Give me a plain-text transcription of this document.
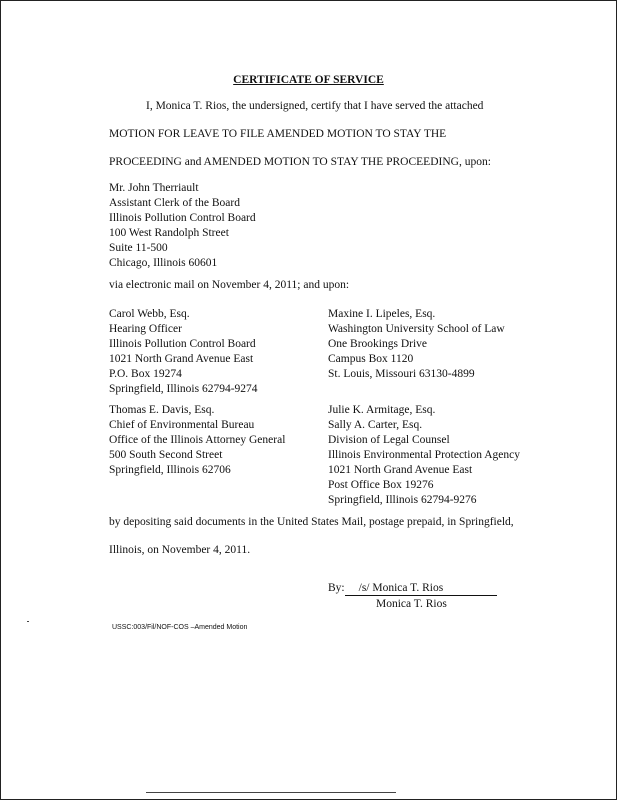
CERTIFICATE OF SERVICE
I, Monica T. Rios, the undersigned, certify that I have served the attached
MOTION FOR LEAVE TO FILE AMENDED MOTION TO STAY THE
PROCEEDING and AMENDED MOTION TO STAY THE PROCEEDING, upon:
Mr. John Therriault
Assistant Clerk of the Board
Illinois Pollution Control Board
100 West Randolph Street
Suite 11-500
Chicago, Illinois 60601
via electronic mail on November 4, 2011; and upon:
Carol Webb, Esq.
Hearing Officer
Illinois Pollution Control Board
1021 North Grand Avenue East
P.O. Box 19274
Springfield, Illinois 62794-9274
Maxine I. Lipeles, Esq.
Washington University School of Law
One Brookings Drive
Campus Box 1120
St. Louis, Missouri 63130-4899
Thomas E. Davis, Esq.
Chief of Environmental Bureau
Office of the Illinois Attorney General
500 South Second Street
Springfield, Illinois 62706
Julie K. Armitage, Esq.
Sally A. Carter, Esq.
Division of Legal Counsel
Illinois Environmental Protection Agency
1021 North Grand Avenue East
Post Office Box 19276
Springfield, Illinois 62794-9276
by depositing said documents in the United States Mail, postage prepaid, in Springfield,
Illinois, on November 4, 2011.
By: /s/ Monica T. Rios
Monica T. Rios
USSC:003/Fil/NOF-COS –Amended Motion
